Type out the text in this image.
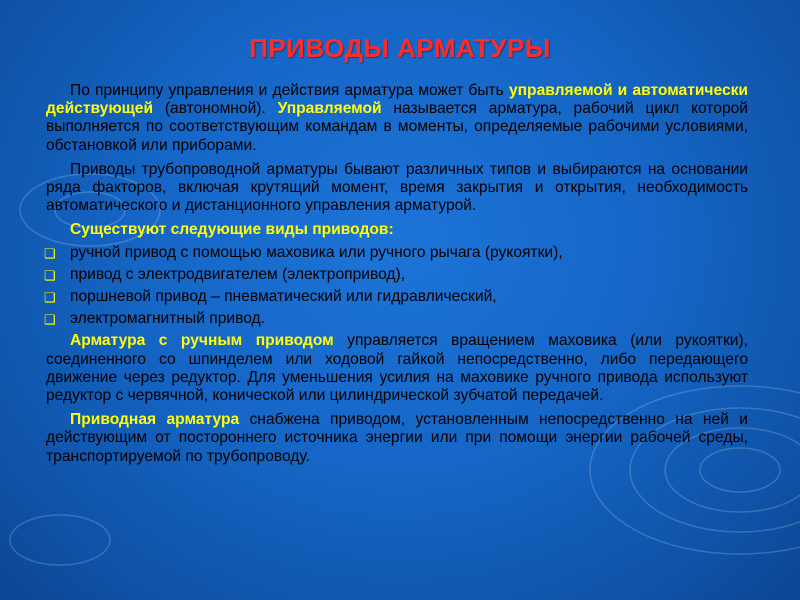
ПРИВОДЫ АРМАТУРЫ

По принципу управления и действия арматура может быть управляемой и автоматически действующей (автономной). Управляемой называется арматура, рабочий цикл которой выполняется по соответствующим командам в моменты, определяемые рабочими условиями, обстановкой или приборами.

Приводы трубопроводной арматуры бывают различных типов и выбираются на основании ряда факторов, включая крутящий момент, время закрытия и открытия, необходимость автоматического и дистанционного управления арматурой.

Существуют следующие виды приводов:
❑ ручной привод с помощью маховика или ручного рычага (рукоятки),
❑ привод с электродвигателем (электропривод),
❑ поршневой привод – пневматический или гидравлический,
❑ электромагнитный привод.

Арматура с ручным приводом управляется вращением маховика (или рукоятки), соединенного со шпинделем или ходовой гайкой непосредственно, либо передающего движение через редуктор. Для уменьшения усилия на маховике ручного привода используют редуктор с червячной, конической или цилиндрической зубчатой передачей.

Приводная арматура снабжена приводом, установленным непосредственно на ней и действующим от постороннего источника энергии или при помощи энергии рабочей среды, транспортируемой по трубопроводу.
